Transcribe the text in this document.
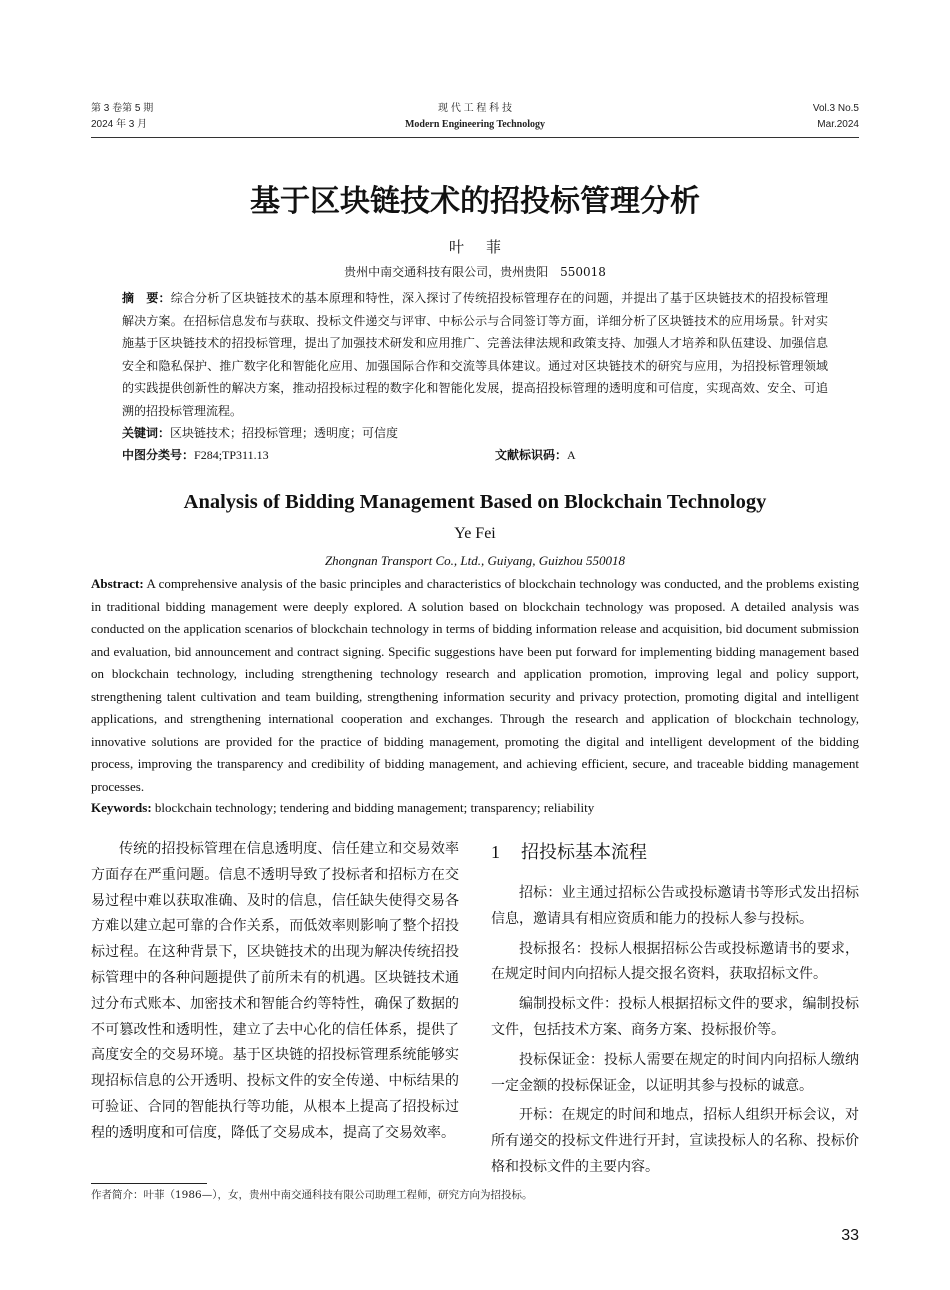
第 3 卷第 5 期
2024 年 3 月
现 代 工 程 科 技
Modern Engineering Technology
Vol.3 No.5
Mar.2024
基于区块链技术的招投标管理分析
叶菲
贵州中南交通科技有限公司，贵州贵阳　550018
摘　要：综合分析了区块链技术的基本原理和特性，深入探讨了传统招投标管理存在的问题，并提出了基于区块链技术的招投标管理解决方案。在招标信息发布与获取、投标文件递交与评审、中标公示与合同签订等方面，详细分析了区块链技术的应用场景。针对实施基于区块链技术的招投标管理，提出了加强技术研发和应用推广、完善法律法规和政策支持、加强人才培养和队伍建设、加强信息安全和隐私保护、推广数字化和智能化应用、加强国际合作和交流等具体建议。通过对区块链技术的研究与应用，为招投标管理领域的实践提供创新性的解决方案，推动招投标过程的数字化和智能化发展，提高招投标管理的透明度和可信度，实现高效、安全、可追溯的招投标管理流程。
关键词：区块链技术；招投标管理；透明度；可信度
中图分类号：F284;TP311.13	文献标识码：A
Analysis of Bidding Management Based on Blockchain Technology
Ye Fei
Zhongnan Transport Co., Ltd., Guiyang, Guizhou 550018
Abstract: A comprehensive analysis of the basic principles and characteristics of blockchain technology was conducted, and the problems existing in traditional bidding management were deeply explored. A solution based on blockchain technology was proposed. A detailed analysis was conducted on the application scenarios of blockchain technology in terms of bidding information release and acquisition, bid document submission and evaluation, bid announcement and contract signing. Specific suggestions have been put forward for implementing bidding management based on blockchain technology, including strengthening technology research and application promotion, improving legal and policy support, strengthening talent cultivation and team building, strengthening information security and privacy protection, promoting digital and intelligent applications, and strengthening international cooperation and exchanges. Through the research and application of blockchain technology, innovative solutions are provided for the practice of bidding management, promoting the digital and intelligent development of the bidding process, improving the transparency and credibility of bidding management, and achieving efficient, secure, and traceable bidding management processes.
Keywords: blockchain technology; tendering and bidding management; transparency; reliability

传统的招投标管理在信息透明度、信任建立和交易效率方面存在严重问题。信息不透明导致了投标者和招标方在交易过程中难以获取准确、及时的信息，信任缺失使得交易各方难以建立起可靠的合作关系，而低效率则影响了整个招投标过程。在这种背景下，区块链技术的出现为解决传统招投标管理中的各种问题提供了前所未有的机遇。区块链技术通过分布式账本、加密技术和智能合约等特性，确保了数据的不可篡改性和透明性，建立了去中心化的信任体系，提供了高度安全的交易环境。基于区块链的招投标管理系统能够实现招标信息的公开透明、投标文件的安全传递、中标结果的可验证、合同的智能执行等功能，从根本上提高了招投标过程的透明度和可信度，降低了交易成本，提高了交易效率。

1 招投标基本流程

招标：业主通过招标公告或投标邀请书等形式发出招标信息，邀请具有相应资质和能力的投标人参与投标。

投标报名：投标人根据招标公告或投标邀请书的要求，在规定时间内向招标人提交报名资料，获取招标文件。

编制投标文件：投标人根据招标文件的要求，编制投标文件，包括技术方案、商务方案、投标报价等。

投标保证金：投标人需要在规定的时间内向招标人缴纳一定金额的投标保证金，以证明其参与投标的诚意。

开标：在规定的时间和地点，招标人组织开标会议，对所有递交的投标文件进行开封，宣读投标人的名称、投标价格和投标文件的主要内容。

作者简介：叶菲（1986—），女，贵州中南交通科技有限公司助理工程师，研究方向为招投标。
33
